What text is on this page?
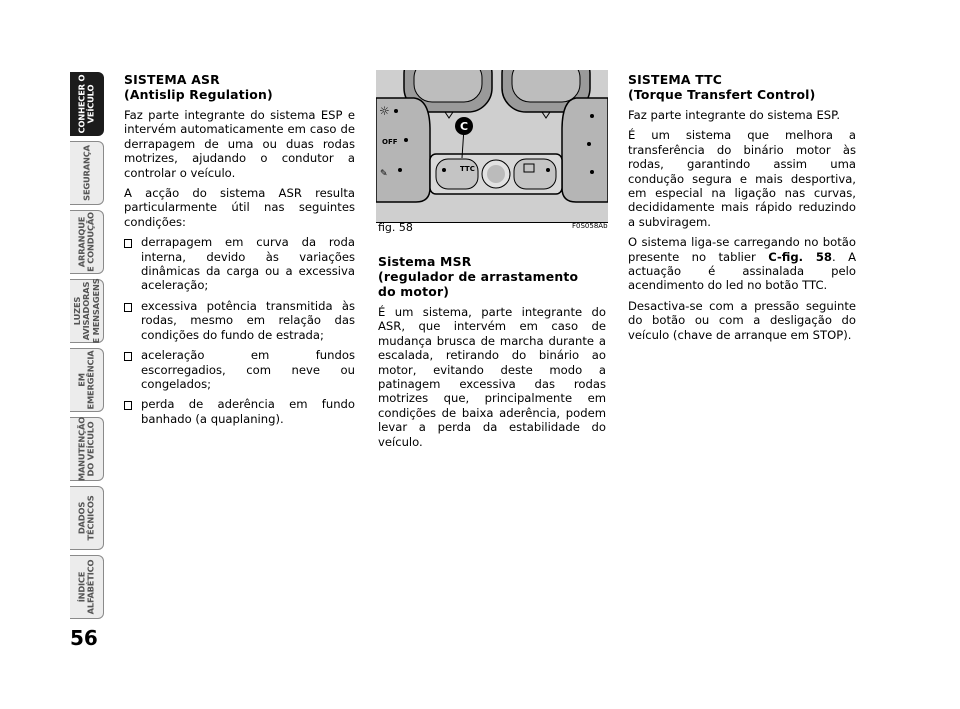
CONHECER O
VEÍCULO
SEGURANÇA
ARRANQUE
E CONDUÇÃO
LUZES
AVISADORAS
E MENSAGENS
EM
EMERGÊNCIA
MANUTENÇÃO
DO VEÍCULO
DADOS
TÉCNICOS
ÍNDICE
ALFABÉTICO
56
SISTEMA ASR
(Antislip Regulation)

Faz parte integrante do sistema ESP e intervém automaticamente em caso de derrapagem de uma ou duas rodas motrizes, ajudando o condutor a controlar o veículo.

A acção do sistema ASR resulta particularmente útil nas seguintes condições:

derrapagem em curva da roda interna, devido às variações dinâmicas da carga ou a excessiva aceleração;
excessiva potência transmitida às rodas, mesmo em relação das condições do fundo de estrada;
aceleração em fundos escorregadios, com neve ou congelados;
perda de aderência em fundo banhado (a quaplaning).
☼
✎	TTC
OFF
C
fig. 58	F0S058Ab
Sistema MSR
(regulador de arrastamento
do motor)

É um sistema, parte integrante do ASR, que intervém em caso de mudança brusca de marcha durante a escalada, retirando do binário ao motor, evitando deste modo a patinagem excessiva das rodas motrizes que, principalmente em condições de baixa aderência, podem levar a perda da estabilidade do veículo.

SISTEMA TTC
(Torque Transfert Control)

Faz parte integrante do sistema ESP.

É um sistema que melhora a transferência do binário motor às rodas, garantindo assim uma condução segura e mais desportiva, em especial na ligação nas curvas, decididamente mais rápido reduzindo a subviragem.

O sistema liga-se carregando no botão presente no tablier C-fig. 58. A actuação é assinalada pelo acendimento do led no botão TTC.

Desactiva-se com a pressão seguinte do botão ou com a desligação do veículo (chave de arranque em STOP).
